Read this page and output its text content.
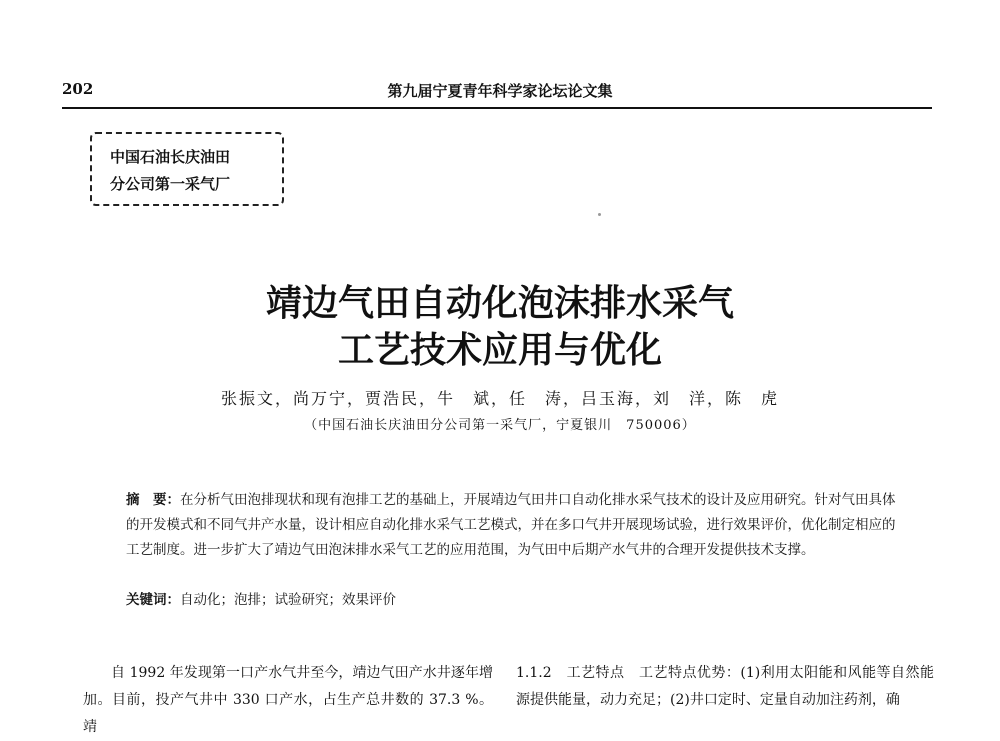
202	第九届宁夏青年科学家论坛论文集
中国石油长庆油田
分公司第一采气厂
靖边气田自动化泡沫排水采气
工艺技术应用与优化
张振文，尚万宁，贾浩民，牛　斌，任　涛，吕玉海，刘　洋，陈　虎
（中国石油长庆油田分公司第一采气厂，宁夏银川　750006）
摘　要：在分析气田泡排现状和现有泡排工艺的基础上，开展靖边气田井口自动化排水采气技术的设计及应用研究。针对气田具体的开发模式和不同气井产水量，设计相应自动化排水采气工艺模式，并在多口气井开展现场试验，进行效果评价，优化制定相应的工艺制度。进一步扩大了靖边气田泡沫排水采气工艺的应用范围，为气田中后期产水气井的合理开发提供技术支撑。
关键词：自动化；泡排；试验研究；效果评价
自 1992 年发现第一口产水气井至今，靖边气田产水井逐年增加。目前，投产气井中 330 口产水，占生产总井数的 37.3 %。靖
1.1.2　工艺特点　工艺特点优势：(1)利用太阳能和风能等自然能源提供能量，动力充足；(2)井口定时、定量自动加注药剂，确
